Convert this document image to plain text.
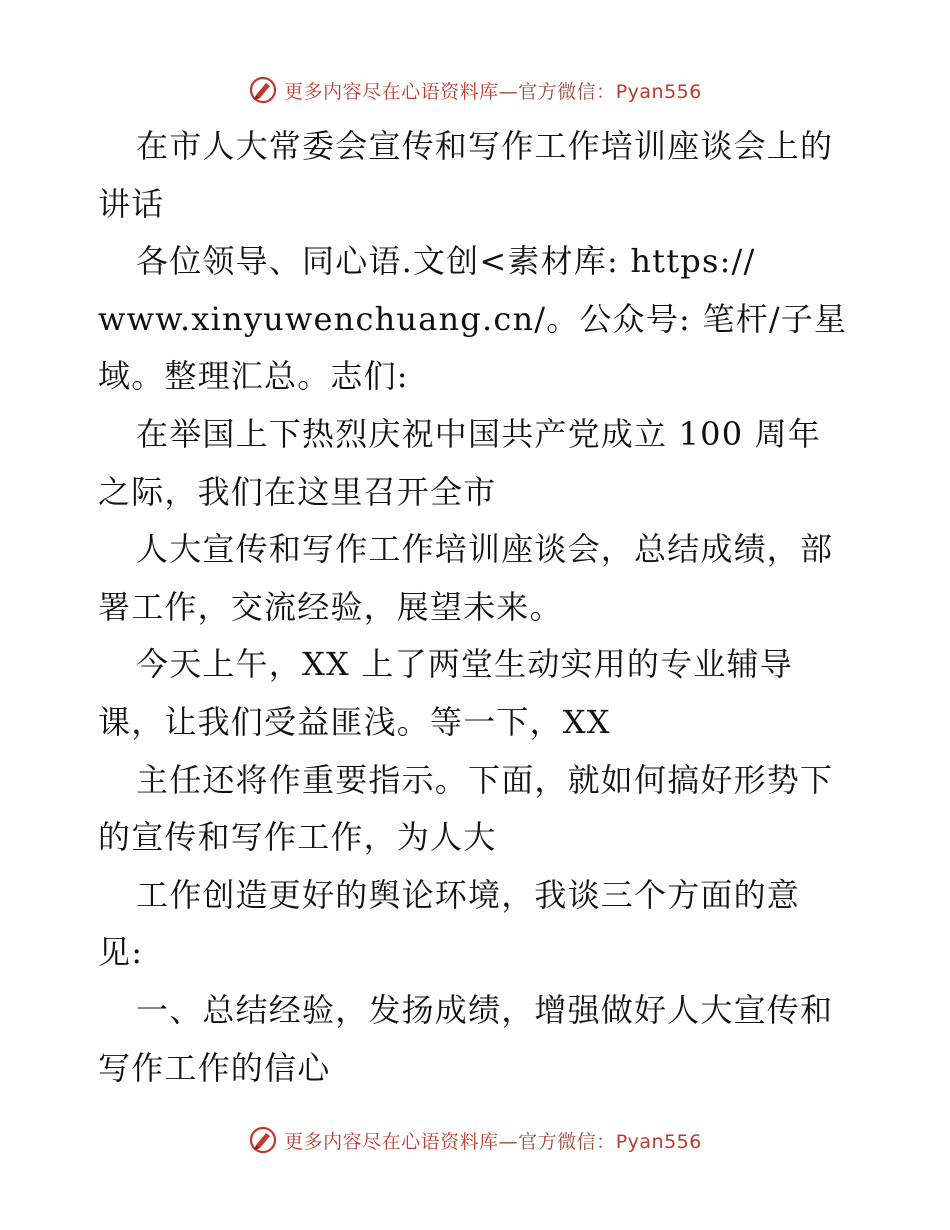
更多内容尽在心语资料库—官方微信：Pyan556
在市人大常委会宣传和写作工作培训座谈会上的
讲话
各位领导、同心语.文创<素材库: https://
www.xinyuwenchuang.cn/。公众号: 笔杆/子星
域。整理汇总。志们:
在举国上下热烈庆祝中国共产党成立 100 周年
之际，我们在这里召开全市
人大宣传和写作工作培训座谈会，总结成绩，部
署工作，交流经验，展望未来。
今天上午，XX 上了两堂生动实用的专业辅导
课，让我们受益匪浅。等一下，XX
主任还将作重要指示。下面，就如何搞好形势下
的宣传和写作工作，为人大
工作创造更好的舆论环境，我谈三个方面的意
见:
一、总结经验，发扬成绩，增强做好人大宣传和
写作工作的信心
更多内容尽在心语资料库—官方微信：Pyan556
